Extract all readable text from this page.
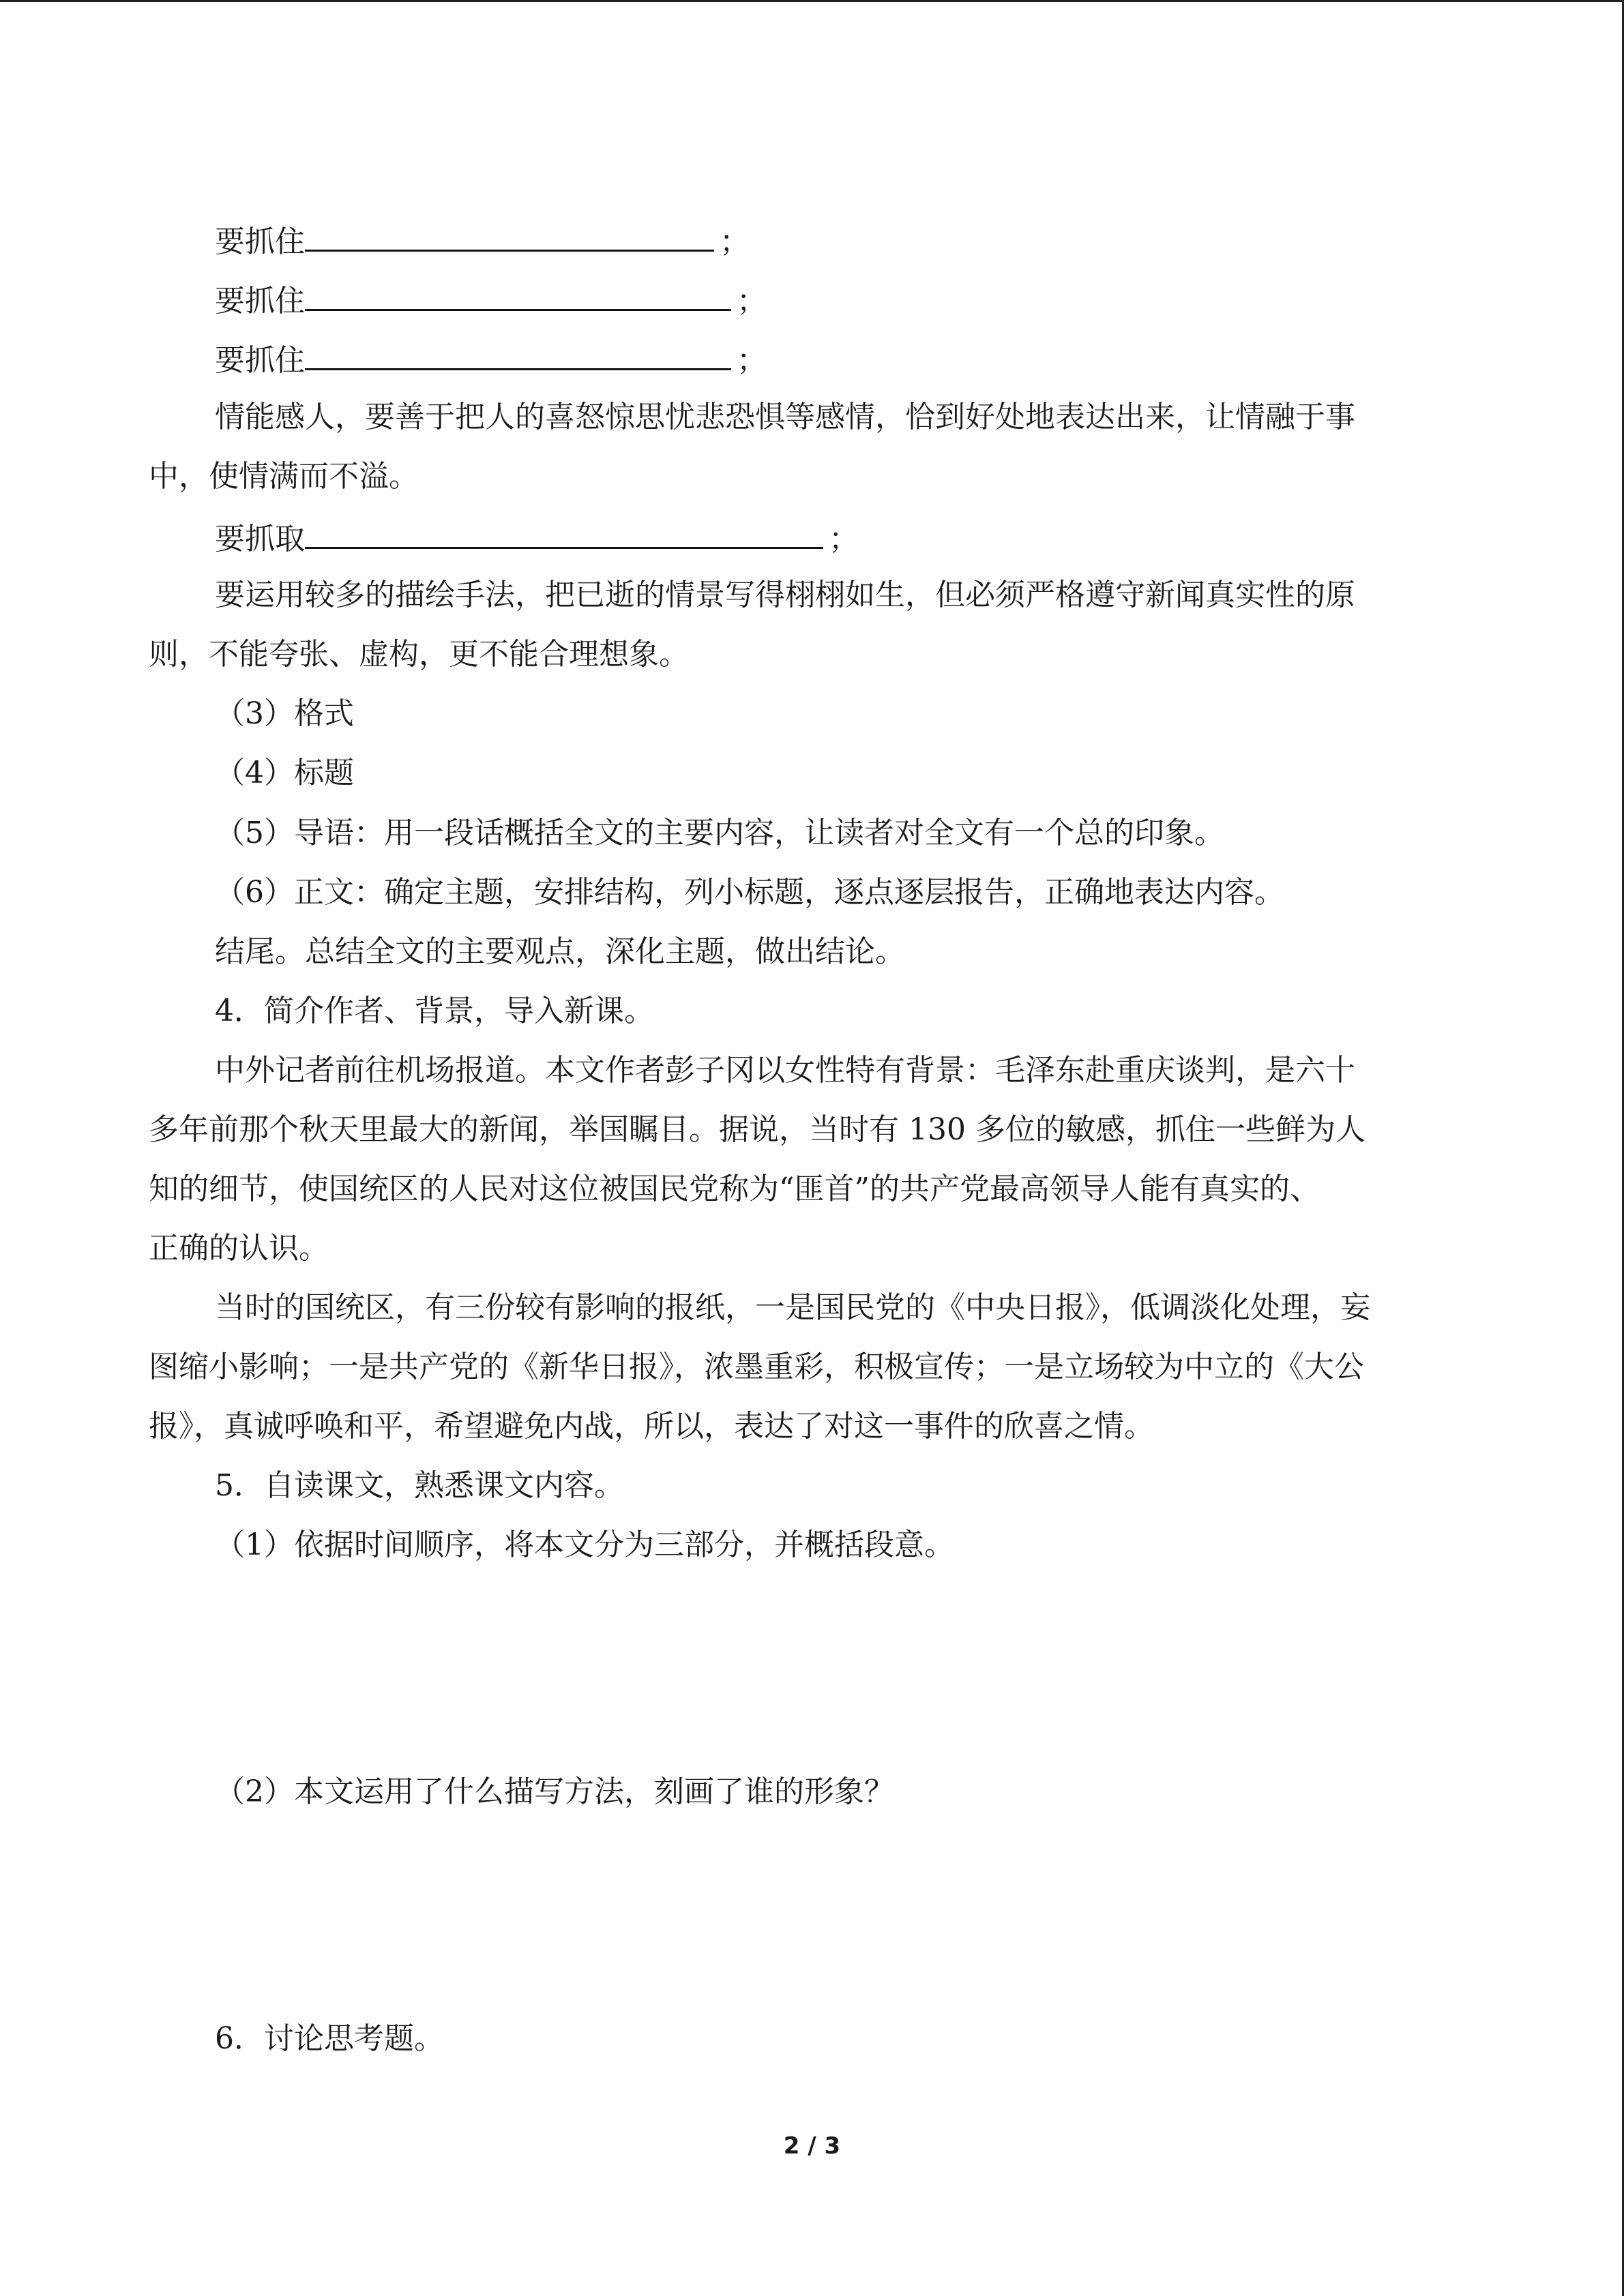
要抓住	；
要抓住	；
要抓住	；
情能感人，要善于把人的喜怒惊思忧悲恐惧等感情，恰到好处地表达出来，让情融于事
中，使情满而不溢。
要抓取	；
要运用较多的描绘手法，把已逝的情景写得栩栩如生，但必须严格遵守新闻真实性的原
则，不能夸张、虚构，更不能合理想象。
（3）格式
（4）标题
（5）导语：用一段话概括全文的主要内容，让读者对全文有一个总的印象。
（6）正文：确定主题，安排结构，列小标题，逐点逐层报告，正确地表达内容。
结尾。总结全文的主要观点，深化主题，做出结论。
4．简介作者、背景，导入新课。
中外记者前往机场报道。本文作者彭子冈以女性特有背景：毛泽东赴重庆谈判，是六十
多年前那个秋天里最大的新闻，举国瞩目。据说，当时有 130 多位的敏感，抓住一些鲜为人
知的细节，使国统区的人民对这位被国民党称为“匪首”的共产党最高领导人能有真实的、
正确的认识。
当时的国统区，有三份较有影响的报纸，一是国民党的《中央日报》，低调淡化处理，妄
图缩小影响；一是共产党的《新华日报》，浓墨重彩，积极宣传；一是立场较为中立的《大公
报》，真诚呼唤和平，希望避免内战，所以，表达了对这一事件的欣喜之情。
5．自读课文，熟悉课文内容。
（1）依据时间顺序，将本文分为三部分，并概括段意。
（2）本文运用了什么描写方法，刻画了谁的形象？
6．讨论思考题。
2 / 3
